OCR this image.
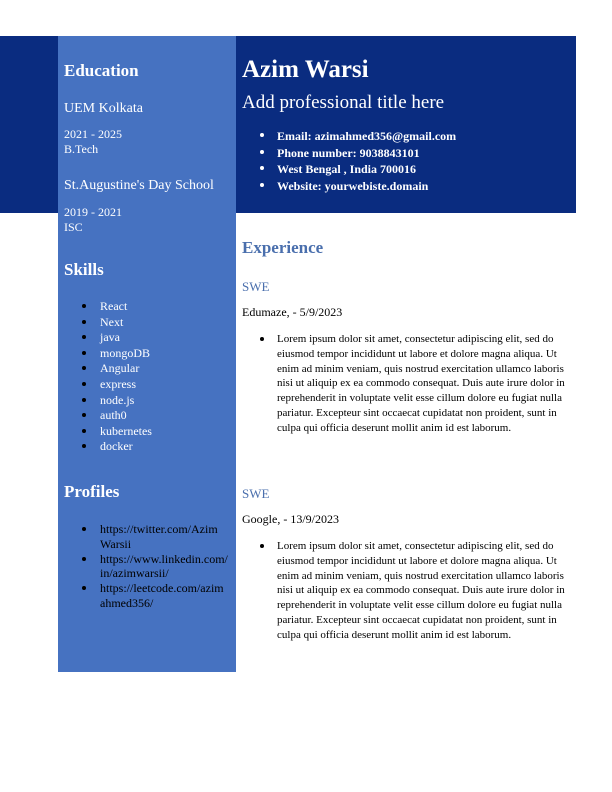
Education
UEM Kolkata
2021 - 2025
B.Tech
St.Augustine's Day School
2019 - 2021
ISC
Skills
React
Next
java
mongoDB
Angular
express
node.js
auth0
kubernetes
docker
Profiles
https://twitter.com/AzimWarsii
https://www.linkedin.com/in/azimwarsii/
https://leetcode.com/azimahmed356/
Azim Warsi
Add professional title here
Email: azimahmed356@gmail.com
Phone number: 9038843101
West Bengal , India 700016
Website: yourwebiste.domain
Experience
SWE
Edumaze, - 5/9/2023
Lorem ipsum dolor sit amet, consectetur adipiscing elit, sed do eiusmod tempor incididunt ut labore et dolore magna aliqua. Ut enim ad minim veniam, quis nostrud exercitation ullamco laboris nisi ut aliquip ex ea commodo consequat. Duis aute irure dolor in reprehenderit in voluptate velit esse cillum dolore eu fugiat nulla pariatur. Excepteur sint occaecat cupidatat non proident, sunt in culpa qui officia deserunt mollit anim id est laborum.
SWE
Google, - 13/9/2023
Lorem ipsum dolor sit amet, consectetur adipiscing elit, sed do eiusmod tempor incididunt ut labore et dolore magna aliqua. Ut enim ad minim veniam, quis nostrud exercitation ullamco laboris nisi ut aliquip ex ea commodo consequat. Duis aute irure dolor in reprehenderit in voluptate velit esse cillum dolore eu fugiat nulla pariatur. Excepteur sint occaecat cupidatat non proident, sunt in culpa qui officia deserunt mollit anim id est laborum.
